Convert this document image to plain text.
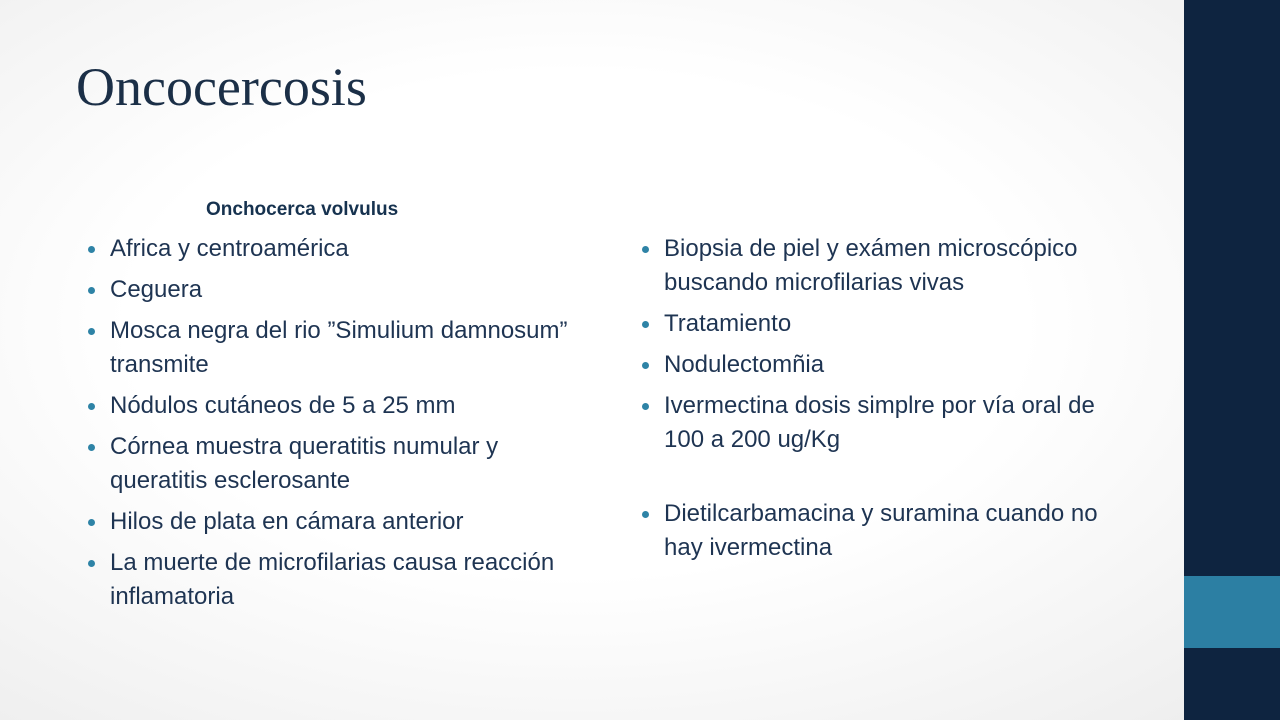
Oncocercosis
Onchocerca volvulus
Africa y centroamérica
Ceguera
Mosca negra del rio ”Simulium damnosum” transmite
Nódulos cutáneos de 5 a 25 mm
Córnea muestra queratitis numular y queratitis esclerosante
Hilos de plata en cámara anterior
La muerte de microfilarias causa reacción inflamatoria
Biopsia de piel y exámen microscópico buscando microfilarias vivas
Tratamiento
Nodulectomñia
Ivermectina dosis simplre por vía oral de 100 a 200 ug/Kg
Dietilcarbamacina y suramina cuando no hay ivermectina
